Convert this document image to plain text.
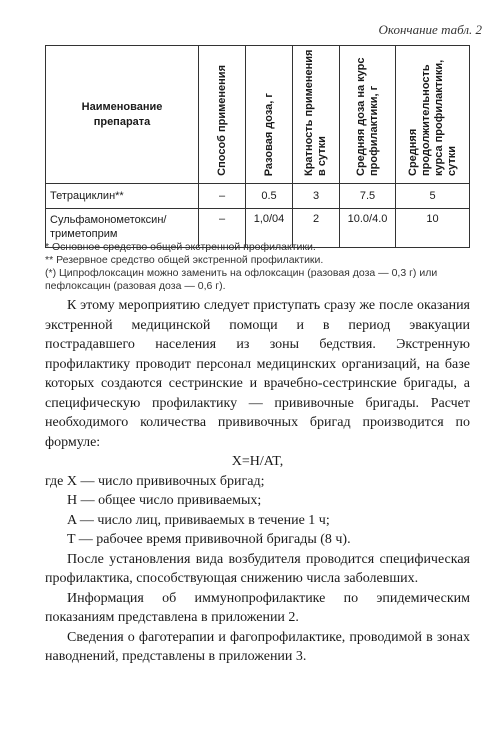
Окончание табл. 2
Наименование препарата	Способ применения	Разовая доза, г	Кратность применения в сутки	Средняя доза на курс профилактики, г	Средняя продолжительность курса профилактики, сутки
Тетрациклин**	–	0.5	3	7.5	5
Сульфамонометоксин/ триметоприм	–	1,0/04	2	10.0/4.0	10

* Основное средство общей экстренной профилактики.

** Резервное средство общей экстренной профилактики.

(*) Ципрофлоксацин можно заменить на офлоксацин (разовая доза — 0,3 г) или пефлоксацин (разовая доза — 0,6 г).

К этому мероприятию следует приступать сразу же после оказания экстренной медицинской помощи и в период эвакуации пострадавшего населения из зоны бедствия. Экстренную профилактику проводит персонал медицинских организаций, на базе которых создаются сестринские и врачебно-сестринские бригады, а специфическую профилактику — прививочные бригады. Расчет необходимого количества прививочных бригад производится по формуле:

X=H/AT,

где X — число прививочных бригад;

H — общее число прививаемых;

A — число лиц, прививаемых в течение 1 ч;

T — рабочее время прививочной бригады (8 ч).

После установления вида возбудителя проводится специфическая профилактика, способствующая снижению числа заболевших.

Информация об иммунопрофилактике по эпидемическим показаниям представлена в приложении 2.

Сведения о фаготерапии и фагопрофилактике, проводимой в зонах наводнений, представлены в приложении 3.
